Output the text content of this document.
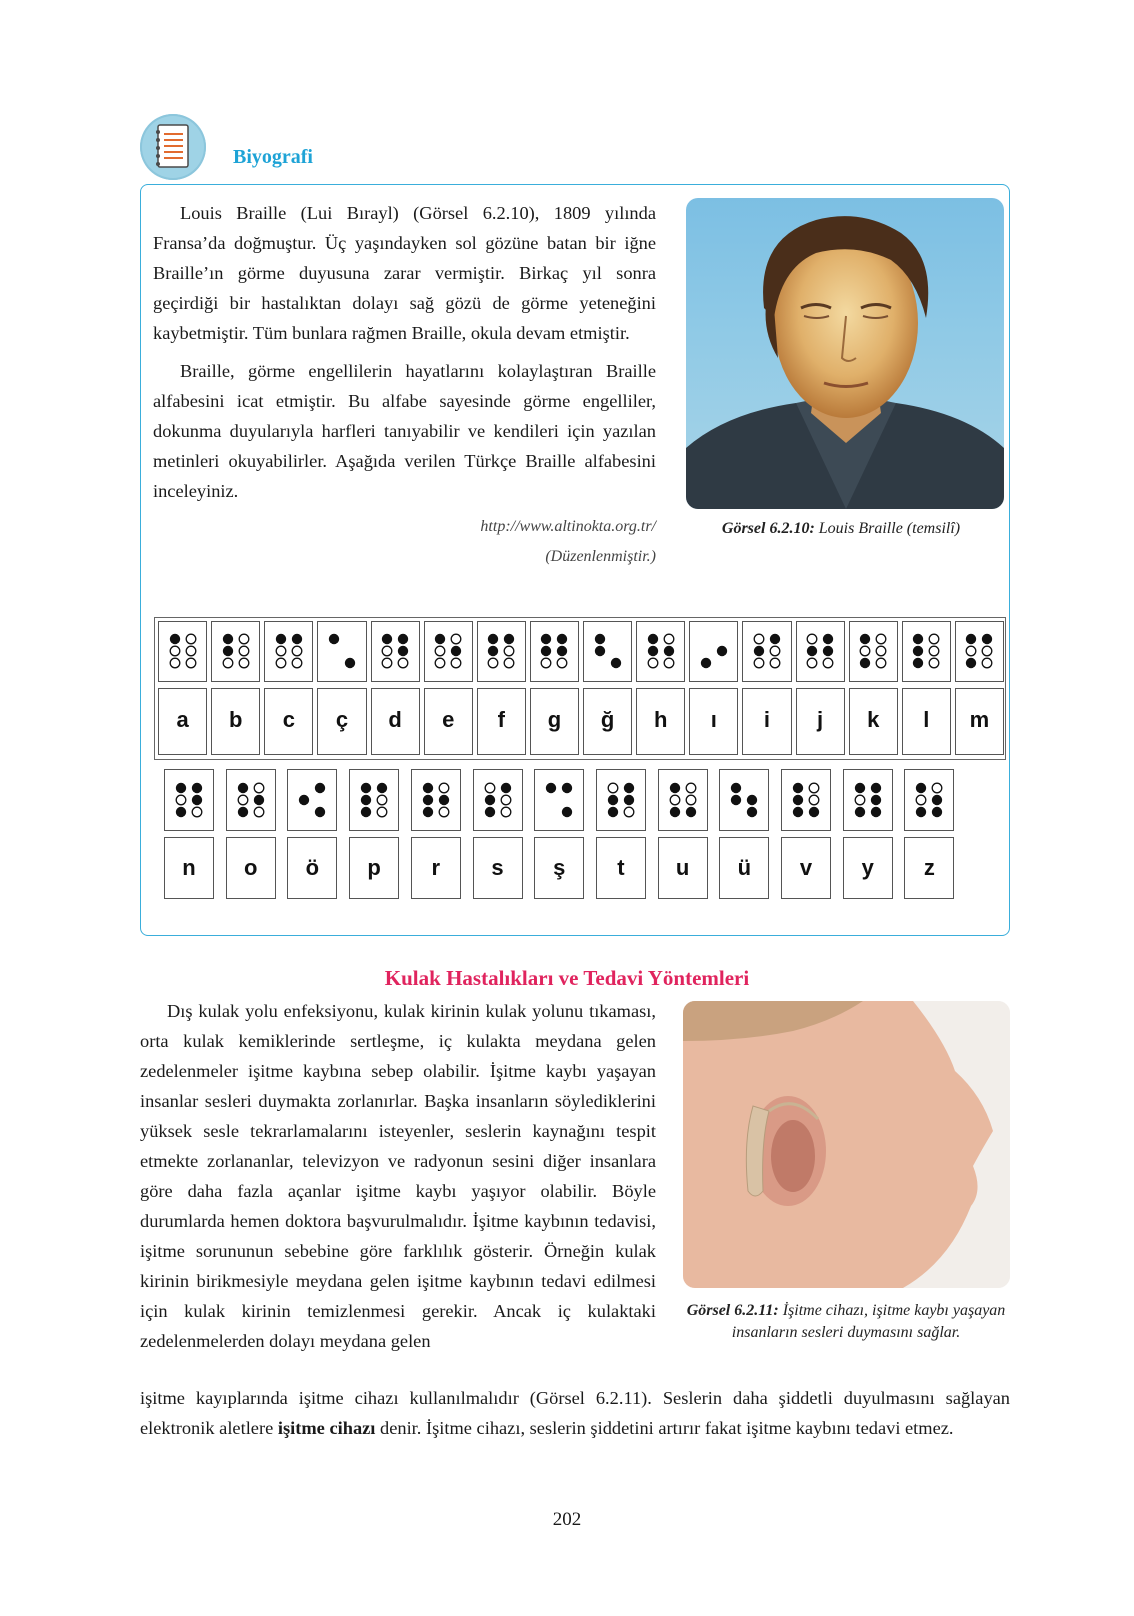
Biyografi

Louis Braille (Lui Bırayl) (Görsel 6.2.10), 1809 yılında Fransa’da doğmuştur. Üç yaşındayken sol gözüne batan bir iğne Braille’ın görme duyusuna zarar vermiştir. Birkaç yıl sonra geçirdiği bir hastalıktan dolayı sağ gözü de görme yeteneğini kaybetmiştir. Tüm bunlara rağmen Braille, okula devam etmiştir.

Braille, görme engellilerin hayatlarını kolaylaştıran Braille alfabesini icat etmiştir. Bu alfabe sayesinde görme engelliler, dokunma duyularıyla harfleri tanıyabilir ve kendileri için yazılan metinleri okuyabilirler. Aşağıda verilen Türkçe Braille alfabesini inceleyiniz.

http://www.altinokta.org.tr/
(Düzenlenmiştir.)
Görsel 6.2.10: Louis Braille (temsilî)
a	b	c	ç	d	e	f	g	ğ	h	ı	i	j	k	l	m
n	o	ö	p	r	s	ş	t	u	ü	v	y	z
Kulak Hastalıkları ve Tedavi Yöntemleri

Dış kulak yolu enfeksiyonu, kulak kirinin kulak yolunu tıkaması, orta kulak kemiklerinde sertleşme, iç kulakta meydana gelen zedelenmeler işitme kaybına sebep olabilir. İşitme kaybı yaşayan insanlar sesleri duymakta zorlanırlar. Başka insanların söylediklerini yüksek sesle tekrarlamalarını isteyenler, seslerin kaynağını tespit etmekte zorlananlar, televizyon ve radyonun sesini diğer insanlara göre daha fazla açanlar işitme kaybı yaşıyor olabilir. Böyle durumlarda hemen doktora başvurulmalıdır. İşitme kaybının tedavisi, işitme sorununun sebebine göre farklılık gösterir. Örneğin kulak kirinin birikmesiyle meydana gelen işitme kaybının tedavi edilmesi için kulak kirinin temizlenmesi gerekir. Ancak iç kulaktaki zedelenmelerden dolayı meydana gelen

işitme kayıplarında işitme cihazı kullanılmalıdır (Görsel 6.2.11). Seslerin daha şiddetli duyulmasını sağlayan elektronik aletlere işitme cihazı denir. İşitme cihazı, seslerin şiddetini artırır fakat işitme kaybını tedavi etmez.

Görsel 6.2.11: İşitme cihazı, işitme kaybı yaşayan insanların sesleri duymasını sağlar.
202
